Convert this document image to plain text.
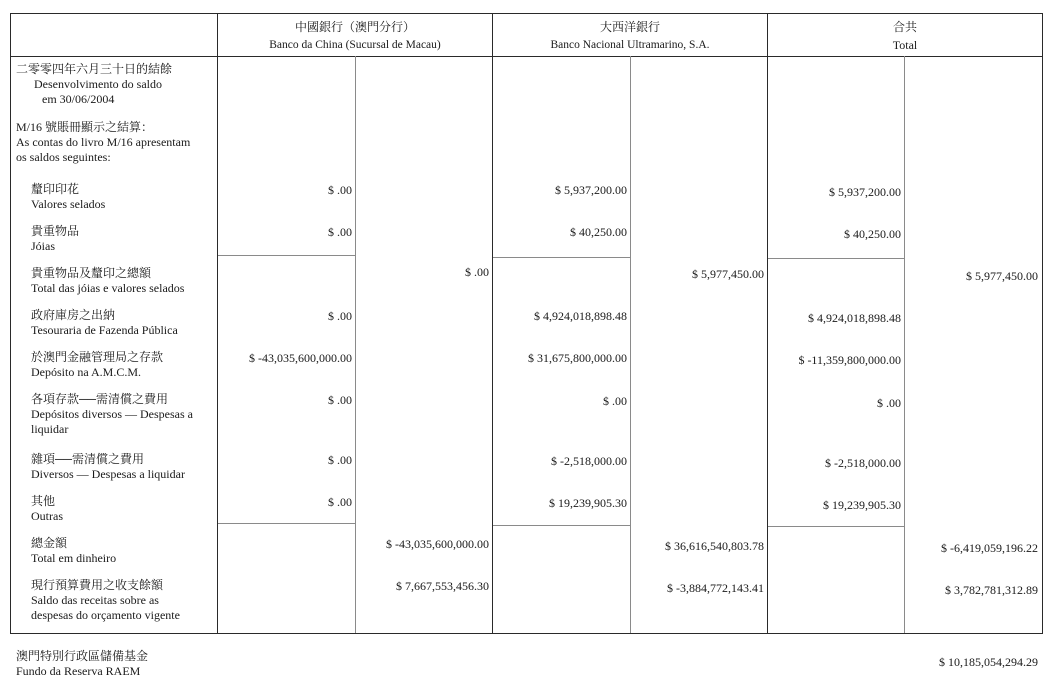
中國銀行（澳門分行）
Banco da China (Sucursal de Macau)
大西洋銀行
Banco Nacional Ultramarino, S.A.
合共
Total
二零零四年六月三十日的結餘
Desenvolvimento do saldo
em 30/06/2004
M/16 號賬冊顯示之結算：
As contas do livro M/16 apresentam
os saldos seguintes:
釐印印花
Valores selados
貴重物品
Jóias
貴重物品及釐印之總額
Total das jóias e valores selados
政府庫房之出納
Tesouraria de Fazenda Pública
於澳門金融管理局之存款
Depósito na A.M.C.M.
各項存款──需清償之費用
Depósitos diversos — Despesas a
liquidar
雜項──需清償之費用
Diversos — Despesas a liquidar
其他
Outras
總金額
Total em dinheiro
現行預算費用之收支餘額
Saldo das receitas sobre as
despesas do orçamento vigente
$ .00
$ .00
$ .00
$ .00
$ -43,035,600,000.00
$ .00
$ .00
$ .00
$ -43,035,600,000.00
$ 7,667,553,456.30
$ 5,937,200.00
$ 40,250.00
$ 5,977,450.00
$ 4,924,018,898.48
$ 31,675,800,000.00
$ .00
$ -2,518,000.00
$ 19,239,905.30
$ 36,616,540,803.78
$ -3,884,772,143.41
$ 5,937,200.00
$ 40,250.00
$ 5,977,450.00
$ 4,924,018,898.48
$ -11,359,800,000.00
$ .00
$ -2,518,000.00
$ 19,239,905.30
$ -6,419,059,196.22
$ 3,782,781,312.89
澳門特別行政區儲備基金
Fundo da Reserva RAEM
$ 10,185,054,294.29
